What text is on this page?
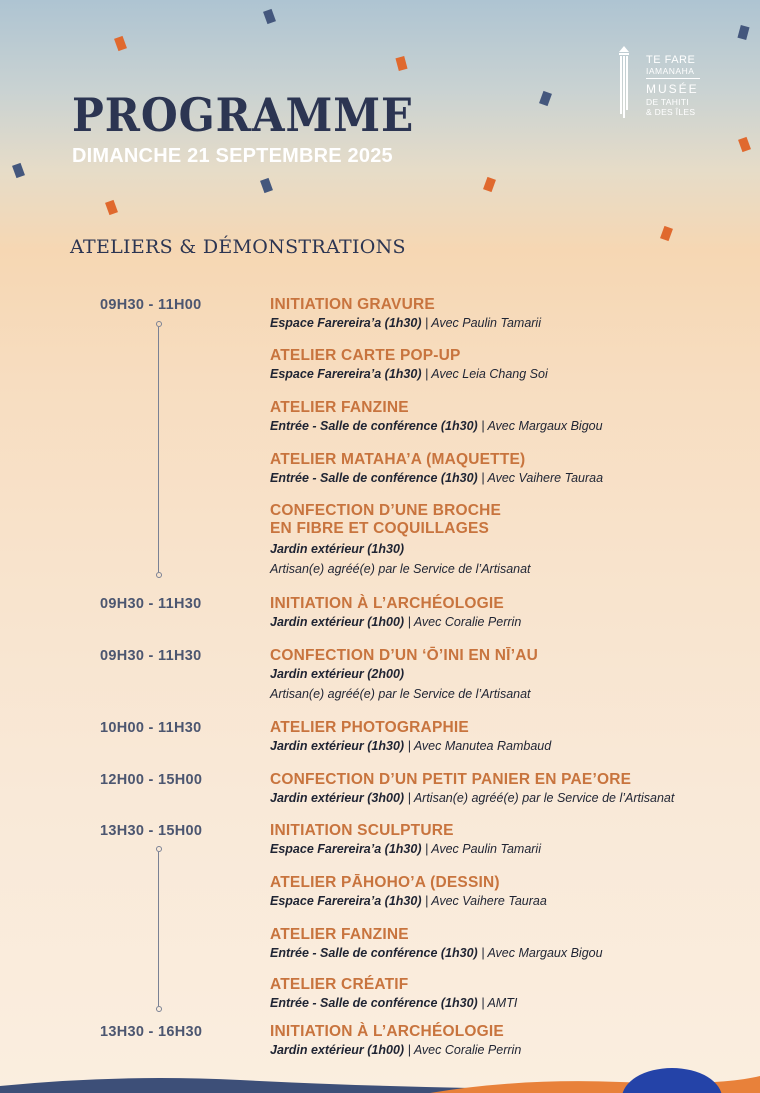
TE FARE
IAMANAHA
MUSÉE
DE TAHITI
& DES ÎLES
PROGRAMME
DIMANCHE 21 SEPTEMBRE 2025
ATELIERS & DÉMONSTRATIONS
09H30 - 11H00	INITIATION GRAVURE
Espace Farereira’a (1h30) | Avec Paulin Tamarii
ATELIER CARTE POP-UP
Espace Farereira’a (1h30) | Avec Leia Chang Soi
ATELIER FANZINE
Entrée - Salle de conférence (1h30) | Avec Margaux Bigou
ATELIER MATAHA’A (MAQUETTE)
Entrée - Salle de conférence (1h30) | Avec Vaihere Tauraa
CONFECTION D’UNE BROCHE
EN FIBRE ET COQUILLAGES
Jardin extérieur (1h30)
Artisan(e) agréé(e) par le Service de l’Artisanat
09H30 - 11H30	INITIATION À L’ARCHÉOLOGIE
Jardin extérieur (1h00) | Avec Coralie Perrin
09H30 - 11H30	CONFECTION D’UN ‘Ō’INI EN NĪ’AU
Jardin extérieur (2h00)
Artisan(e) agréé(e) par le Service de l’Artisanat
10H00 - 11H30	ATELIER PHOTOGRAPHIE
Jardin extérieur (1h30) | Avec Manutea Rambaud
12H00 - 15H00	CONFECTION D’UN PETIT PANIER EN PAE’ORE
Jardin extérieur (3h00) | Artisan(e) agréé(e) par le Service de l’Artisanat
13H30 - 15H00	INITIATION SCULPTURE
Espace Farereira’a (1h30) | Avec Paulin Tamarii
ATELIER PĀHOHO’A (DESSIN)
Espace Farereira’a (1h30) | Avec Vaihere Tauraa
ATELIER FANZINE
Entrée - Salle de conférence (1h30) | Avec Margaux Bigou
ATELIER CRÉATIF
Entrée - Salle de conférence (1h30) | AMTI
13H30 - 16H30	INITIATION À L’ARCHÉOLOGIE
Jardin extérieur (1h00) | Avec Coralie Perrin
